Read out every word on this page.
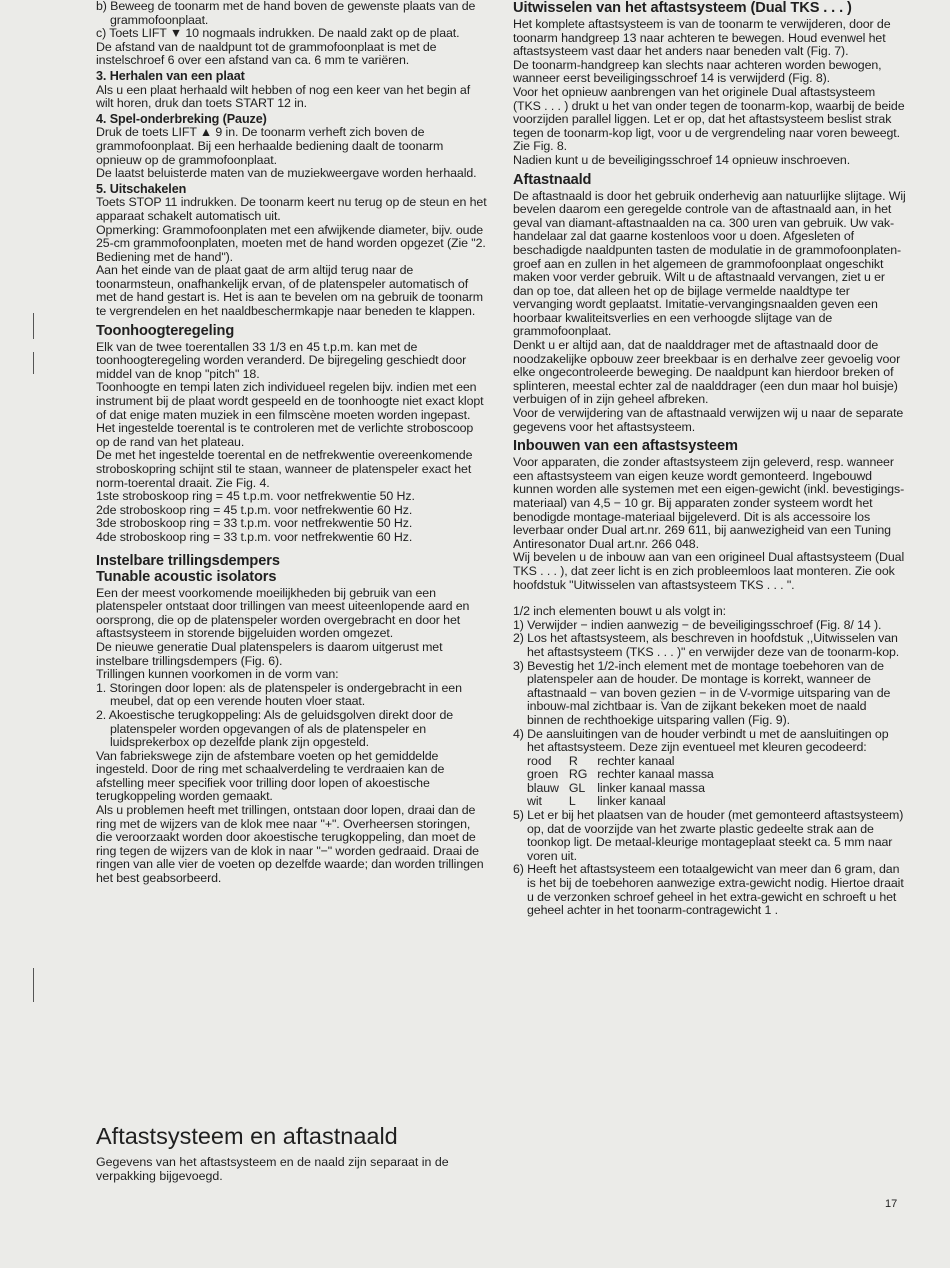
b) Beweeg de toonarm met de hand boven de gewenste plaats van de grammofoonplaat.

c) Toets LIFT ▼ 10 nogmaals indrukken. De naald zakt op de plaat.

De afstand van de naaldpunt tot de grammofoonplaat is met de instelschroef 6 over een afstand van ca. 6 mm te variëren.

3. Herhalen van een plaat

Als u een plaat herhaald wilt hebben of nog een keer van het begin af wilt horen, druk dan toets START 12 in.

4. Spel-onderbreking (Pauze)

Druk de toets LIFT ▲ 9 in. De toonarm verheft zich boven de grammofoonplaat. Bij een herhaalde bediening daalt de toonarm opnieuw op de grammofoonplaat.

De laatst beluisterde maten van de muziekweergave worden herhaald.

5. Uitschakelen

Toets STOP 11 indrukken. De toonarm keert nu terug op de steun en het apparaat schakelt automatisch uit.

Opmerking: Grammofoonplaten met een afwijkende diameter, bijv. oude 25-cm grammofoonplaten, moeten met de hand worden opgezet (Zie "2. Bediening met de hand").

Aan het einde van de plaat gaat de arm altijd terug naar de toonarmsteun, onafhankelijk ervan, of de platenspeler automatisch of met de hand gestart is. Het is aan te bevelen om na gebruik de toonarm te vergrendelen en het naaldbeschermkapje naar beneden te klappen.

Toonhoogteregeling

Elk van de twee toerentallen 33 1/3 en 45 t.p.m. kan met de toonhoogteregeling worden veranderd. De bijregeling geschiedt door middel van de knop "pitch" 18.

Toonhoogte en tempi laten zich individueel regelen bijv. indien met een instrument bij de plaat wordt gespeeld en de toonhoogte niet exact klopt of dat enige maten muziek in een filmscène moeten worden ingepast.

Het ingestelde toerental is te controleren met de verlichte stroboscoop op de rand van het plateau.

De met het ingestelde toerental en de netfrekwentie overeenkomende stroboskopring schijnt stil te staan, wanneer de platenspeler exact het norm-toerental draait. Zie Fig. 4.

1ste stroboskoop ring = 45 t.p.m. voor netfrekwentie 50 Hz.

2de stroboskoop ring = 45 t.p.m. voor netfrekwentie 60 Hz.

3de stroboskoop ring = 33 t.p.m. voor netfrekwentie 50 Hz.

4de stroboskoop ring = 33 t.p.m. voor netfrekwentie 60 Hz.

Instelbare trillingsdempers
Tunable acoustic isolators

Een der meest voorkomende moeilijkheden bij gebruik van een platenspeler ontstaat door trillingen van meest uiteenlopende aard en oorsprong, die op de platenspeler worden overgebracht en door het aftastsysteem in storende bijgeluiden worden omgezet.

De nieuwe generatie Dual platenspelers is daarom uitgerust met instelbare trillingsdempers (Fig. 6).

Trillingen kunnen voorkomen in de vorm van:

1. Storingen door lopen: als de platenspeler is ondergebracht in een meubel, dat op een verende houten vloer staat.

2. Akoestische terugkoppeling: Als de geluidsgolven direkt door de platenspeler worden opgevangen of als de platenspeler en luidsprekerbox op dezelfde plank zijn opgesteld.

Van fabriekswege zijn de afstembare voeten op het gemiddelde ingesteld. Door de ring met schaalverdeling te verdraaien kan de afstelling meer specifiek voor trilling door lopen of akoestische terugkoppeling worden gemaakt.

Als u problemen heeft met trillingen, ontstaan door lopen, draai dan de ring met de wijzers van de klok mee naar "+". Overheersen storingen, die veroorzaakt worden door akoestische terugkoppeling, dan moet de ring tegen de wijzers van de klok in naar "−" worden gedraaid. Draai de ringen van alle vier de voeten op dezelfde waarde; dan worden trillingen het best geabsorbeerd.

Aftastsysteem en aftastnaald

Gegevens van het aftastsysteem en de naald zijn separaat in de verpakking bijgevoegd.

Uitwisselen van het aftastsysteem (Dual TKS . . . )

Het komplete aftastsysteem is van de toonarm te verwijderen, door de toonarm handgreep 13 naar achteren te bewegen. Houd evenwel het aftastsysteem vast daar het anders naar beneden valt (Fig. 7).

De toonarm-handgreep kan slechts naar achteren worden bewogen, wanneer eerst beveiligingsschroef 14 is verwijderd (Fig. 8).

Voor het opnieuw aanbrengen van het originele Dual aftastsysteem (TKS . . . ) drukt u het van onder tegen de toonarm-kop, waarbij de beide voorzijden parallel liggen. Let er op, dat het aftastsysteem beslist strak tegen de toonarm-kop ligt, voor u de vergrendeling naar voren beweegt. Zie Fig. 8.

Nadien kunt u de beveiligingsschroef 14 opnieuw inschroeven.

Aftastnaald

De aftastnaald is door het gebruik onderhevig aan natuurlijke slijtage. Wij bevelen daarom een geregelde controle van de aftastnaald aan, in het geval van diamant-aftastnaalden na ca. 300 uren van gebruik. Uw vak-handelaar zal dat gaarne kostenloos voor u doen. Afgesleten of beschadigde naaldpunten tasten de modulatie in de grammofoonplaten-groef aan en zullen in het algemeen de grammofoonplaat ongeschikt maken voor verder gebruik. Wilt u de aftastnaald vervangen, ziet u er dan op toe, dat alleen het op de bijlage vermelde naaldtype ter vervanging wordt geplaatst. Imitatie-vervangingsnaalden geven een hoorbaar kwaliteitsverlies en een verhoogde slijtage van de grammofoonplaat.

Denkt u er altijd aan, dat de naalddrager met de aftastnaald door de noodzakelijke opbouw zeer breekbaar is en derhalve zeer gevoelig voor elke ongecontroleerde beweging. De naaldpunt kan hierdoor breken of splinteren, meestal echter zal de naalddrager (een dun maar hol buisje) verbuigen of in zijn geheel afbreken.

Voor de verwijdering van de aftastnaald verwijzen wij u naar de separate gegevens voor het aftastsysteem.

Inbouwen van een aftastsysteem

Voor apparaten, die zonder aftastsysteem zijn geleverd, resp. wanneer een aftastsysteem van eigen keuze wordt gemonteerd. Ingebouwd kunnen worden alle systemen met een eigen-gewicht (inkl. bevestigings-materiaal) van 4,5 − 10 gr. Bij apparaten zonder systeem wordt het benodigde montage-materiaal bijgeleverd. Dit is als accessoire los leverbaar onder Dual art.nr. 269 611, bij aanwezigheid van een Tuning Antiresonator Dual art.nr. 266 048.

Wij bevelen u de inbouw aan van een origineel Dual aftastsysteem (Dual TKS . . . ), dat zeer licht is en zich probleemloos laat monteren. Zie ook hoofdstuk "Uitwisselen van aftastsysteem TKS . . . ".

1/2 inch elementen bouwt u als volgt in:

1) Verwijder − indien aanwezig − de beveiligingsschroef (Fig. 8/ 14 ).

2) Los het aftastsysteem, als beschreven in hoofdstuk ,,Uitwisselen van het aftastsysteem (TKS . . . )" en verwijder deze van de toonarm-kop.

3) Bevestig het 1/2-inch element met de montage toebehoren van de platenspeler aan de houder. De montage is korrekt, wanneer de aftastnaald − van boven gezien − in de V-vormige uitsparing van de inbouw-mal zichtbaar is. Van de zijkant bekeken moet de naald binnen de rechthoekige uitsparing vallen (Fig. 9).

4) De aansluitingen van de houder verbindt u met de aansluitingen op het aftastsysteem. Deze zijn eventueel met kleuren gecodeerd:

rood	R	rechter kanaal
groen	RG	rechter kanaal massa
blauw	GL	linker kanaal massa
wit	L	linker kanaal

5) Let er bij het plaatsen van de houder (met gemonteerd aftastsysteem) op, dat de voorzijde van het zwarte plastic gedeelte strak aan de toonkop ligt. De metaal-kleurige montageplaat steekt ca. 5 mm naar voren uit.

6) Heeft het aftastsysteem een totaalgewicht van meer dan 6 gram, dan is het bij de toebehoren aanwezige extra-gewicht nodig. Hiertoe draait u de verzonken schroef geheel in het extra-gewicht en schroeft u het geheel achter in het toonarm-contragewicht 1 .

17
